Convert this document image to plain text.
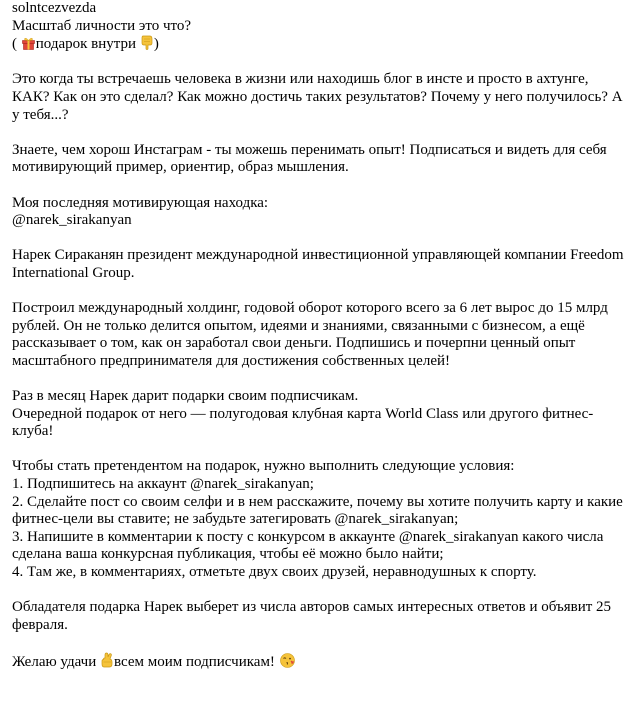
solntcezvezda
Масштаб личности это что?
( подарок внутри )

Это когда ты встречаешь человека в жизни или находишь блог в инсте и просто в ахтунге, КАК? Как он это сделал? Как можно достичь таких результатов? Почему у него получилось? А у тебя...?

Знаете, чем хорош Инстаграм - ты можешь перенимать опыт! Подписаться и видеть для себя мотивирующий пример, ориентир, образ мышления.

Моя последняя мотивирующая находка:
@narek_sirakanyan

Нарек Сираканян президент международной инвестиционной управляющей компании Freedom International Group.

Построил международный холдинг, годовой оборот которого всего за 6 лет вырос до 15 млрд рублей. Он не только делится опытом, идеями и знаниями, связанными с бизнесом, а ещё рассказывает о том, как он заработал свои деньги. Подпишись и почерпни ценный опыт масштабного предпринимателя для достижения собственных целей!

Раз в месяц Нарек дарит подарки своим подписчикам.

Очередной подарок от него — полугодовая клубная карта World Class или другого фитнес-клуба!

Чтобы стать претендентом на подарок, нужно выполнить следующие условия:

1. Подпишитесь на аккаунт @narek_sirakanyan;

2. Сделайте пост со своим селфи и в нем расскажите, почему вы хотите получить карту и какие фитнес-цели вы ставите; не забудьте затегировать @narek_sirakanyan;

3. Напишите в комментарии к посту с конкурсом в аккаунте @narek_sirakanyan какого числа сделана ваша конкурсная публикация, чтобы её можно было найти;

4. Там же, в комментариях, отметьте двух своих друзей, неравнодушных к спорту.

Обладателя подарка Нарек выберет из числа авторов самых интересных ответов и объявит 25 февраля.

Желаю удачи
всем моим подписчикам!
